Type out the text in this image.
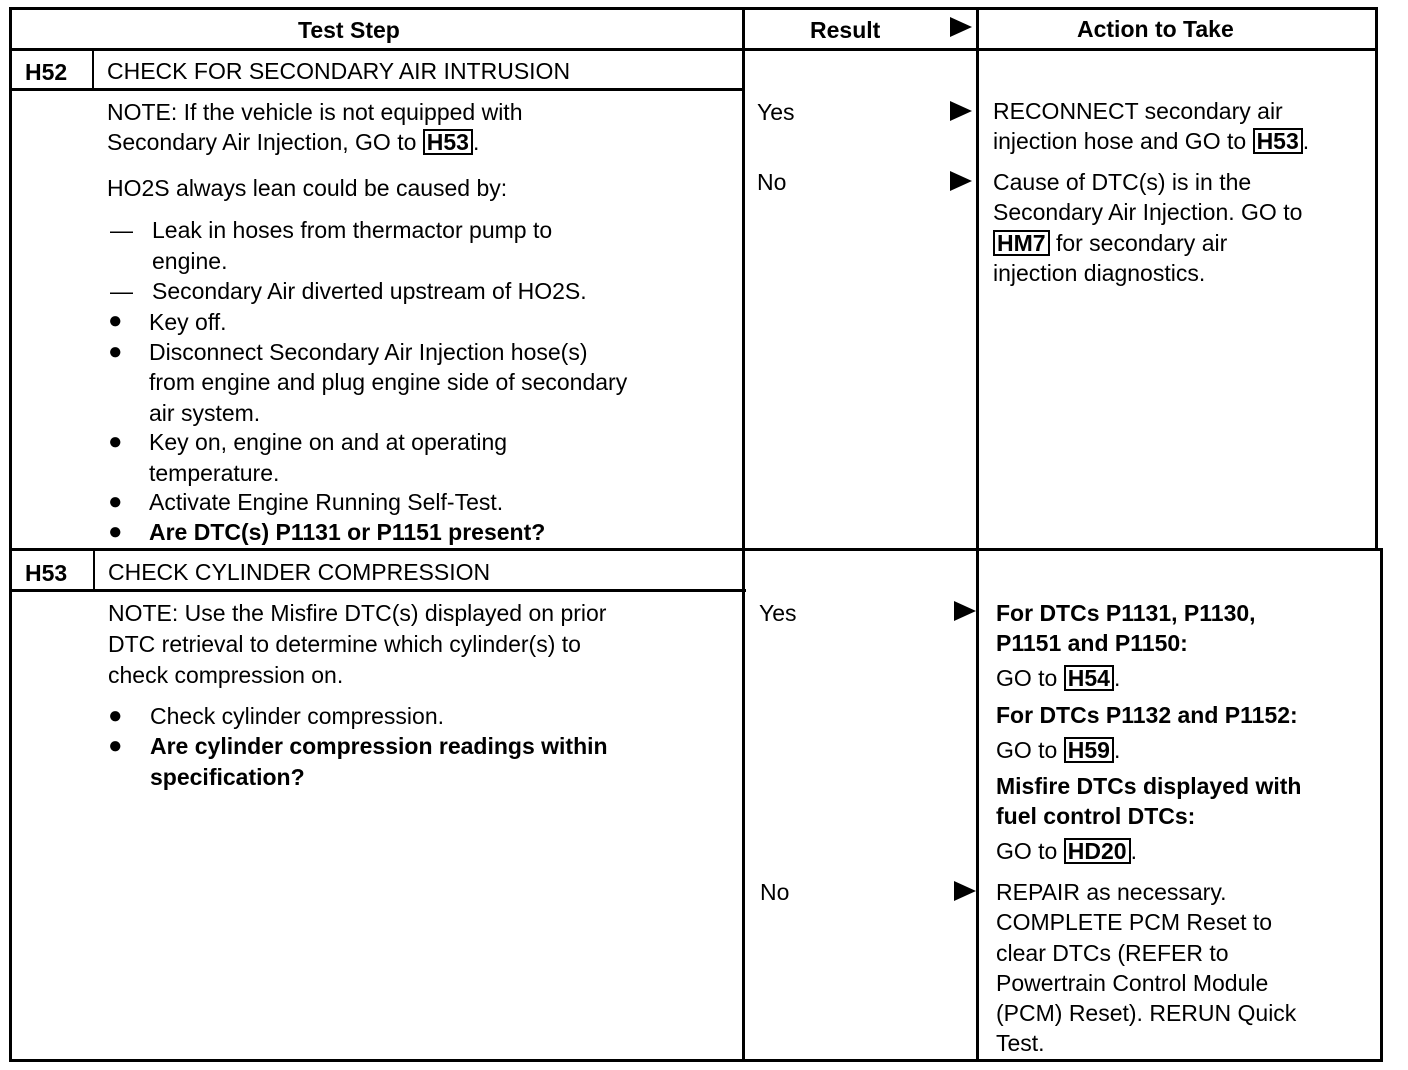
Test Step	Result	Action to Take
H52 CHECK FOR SECONDARY AIR INTRUSION
NOTE: If the vehicle is not equipped with
Secondary Air Injection, GO to H53 .
HO2S always lean could be caused by:
— Leak in hoses from thermactor pump to
engine.
— Secondary Air diverted upstream of HO2S.
● Key off.
● Disconnect Secondary Air Injection hose(s)
from engine and plug engine side of secondary
air system.
● Key on, engine on and at operating
temperature.
● Activate Engine Running Self-Test.
● Are DTC(s) P1131 or P1151 present?
Yes
No
RECONNECT secondary air
injection hose and GO to H53 .
Cause of DTC(s) is in the
Secondary Air Injection. GO to
HM7 for secondary air
injection diagnostics.
H53 CHECK CYLINDER COMPRESSION
NOTE: Use the Misfire DTC(s) displayed on prior
DTC retrieval to determine which cylinder(s) to
check compression on.
● Check cylinder compression.
● Are cylinder compression readings within
specification?
Yes
No
For DTCs P1131, P1130,
P1151 and P1150:
GO to H54 .
For DTCs P1132 and P1152:
GO to H59 .
Misfire DTCs displayed with
fuel control DTCs:
GO to HD20 .
REPAIR as necessary.
COMPLETE PCM Reset to
clear DTCs (REFER to
Powertrain Control Module
(PCM) Reset). RERUN Quick
Test.
